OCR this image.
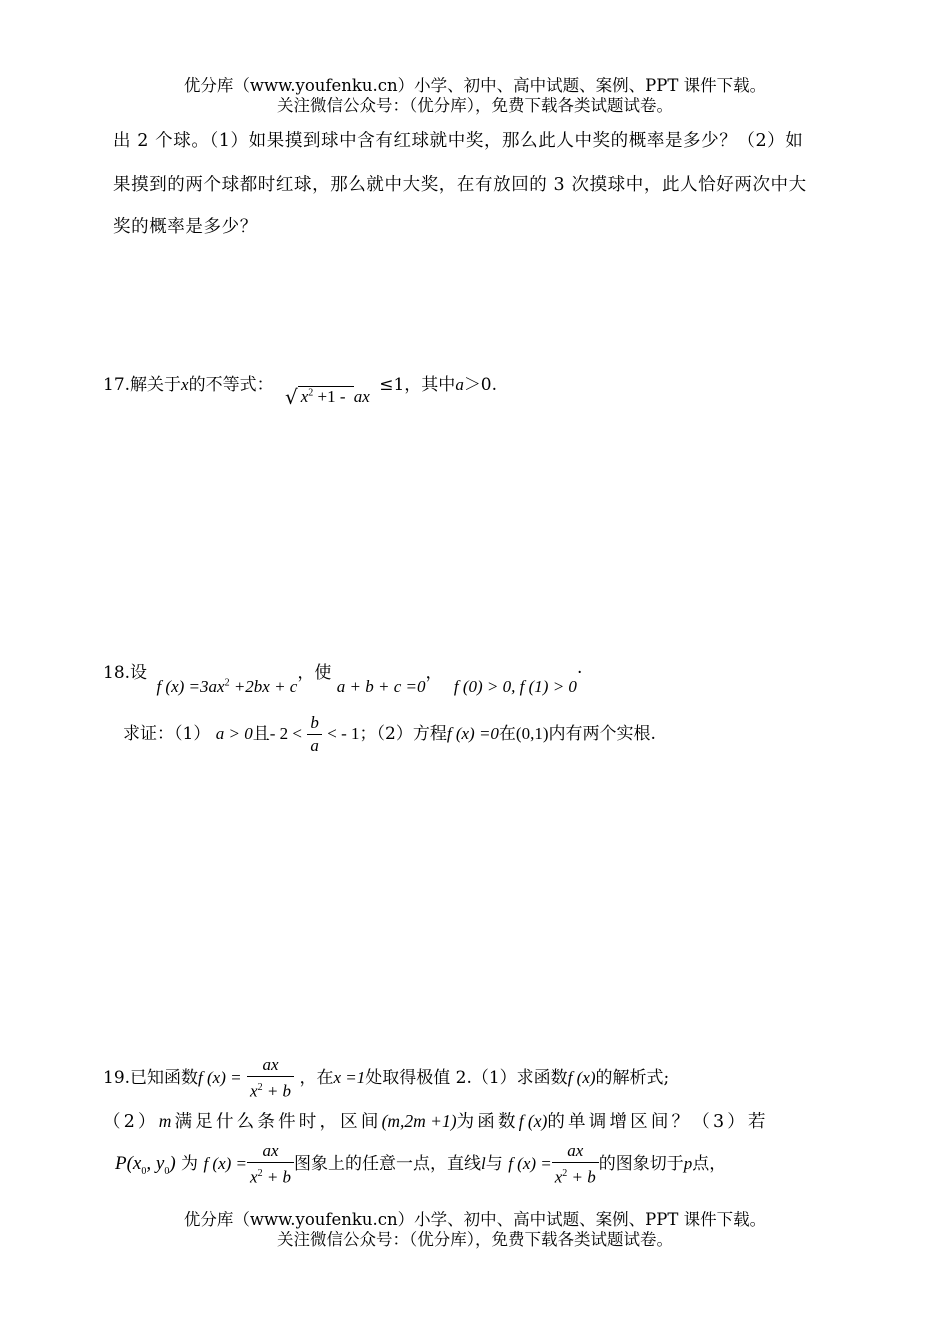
优分库（www.youfenku.cn）小学、初中、高中试题、案例、PPT 课件下载。
关注微信公众号：（优分库），免费下载各类试题试卷。
出 2 个球。（1）如果摸到球中含有红球就中奖，那么此人中奖的概率是多少？（2）如
果摸到的两个球都时红球，那么就中大奖，在有放回的 3 次摸球中，此人恰好两次中大
奖的概率是多少？
17.解关于x的不等式： √ $x^2 +1$ - ax ≤1，其中a＞0.
18.设 f $(x) =3ax^2 +2bx + c$，使 a + b + c =0， f (0) > 0, f (1) > 0·
求证：（1） a > 0且- $2 < \frac{b}{a}$ < - 1；（2）方程f (x) =0在(0,1)内有两个实根.
19.已知函数f $(x) = \frac{ax}{x^2 + b}$ ，在x =1处取得极值 2.（1）求函数f (x)的解析式;
（2）m满足什么条件时，区间(m,2m +1)为函数f (x)的单调增区间？（3）若
$P(x_0$, $y_0$) 为 f $(x) = \frac{ax}{x^2 + b}$ 图象上的任意一点，直线l与 f $(x) = \frac{ax}{x^2 + b}$ 的图象切于p点，
优分库（www.youfenku.cn）小学、初中、高中试题、案例、PPT 课件下载。
关注微信公众号：（优分库），免费下载各类试题试卷。
